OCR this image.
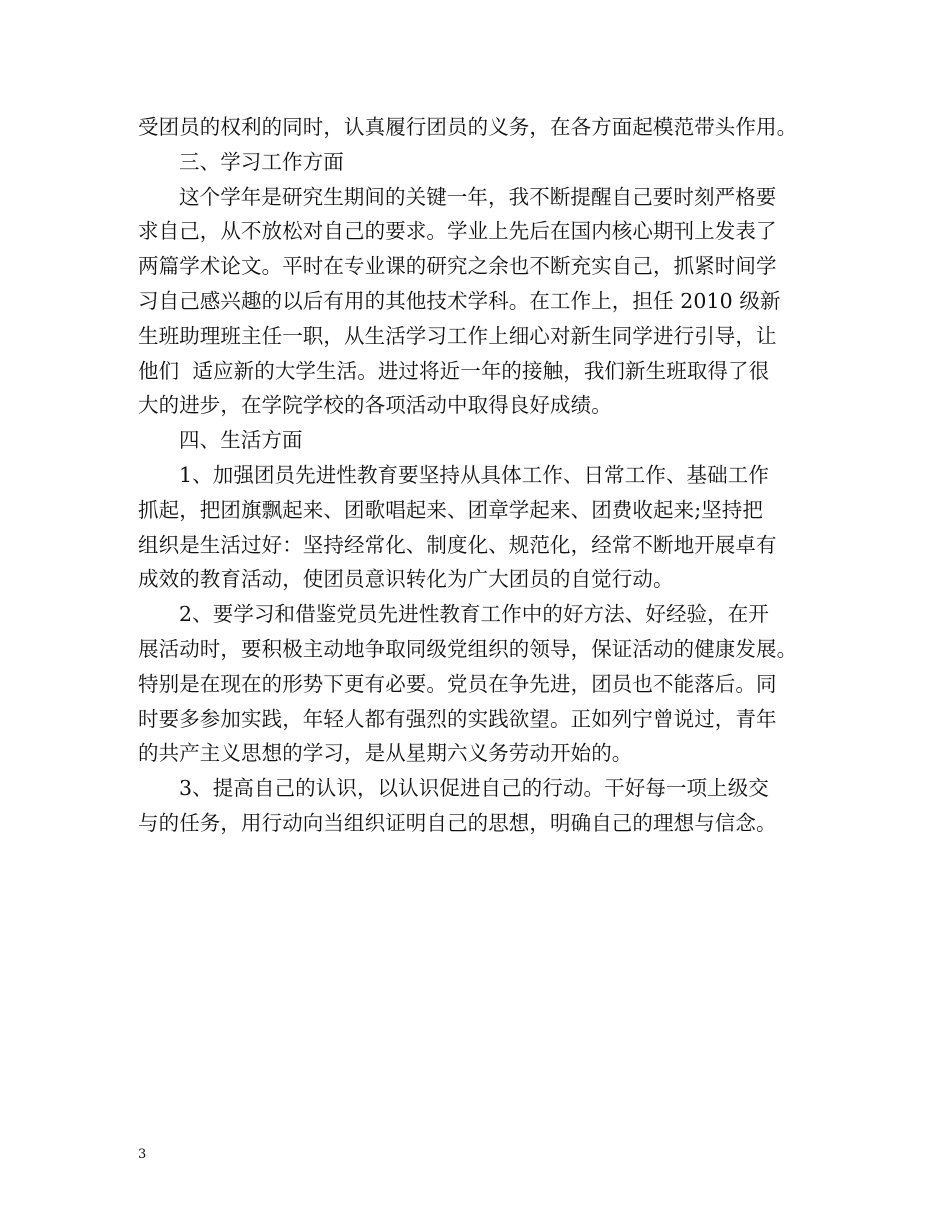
受团员的权利的同时，认真履行团员的义务，在各方面起模范带头作用。
三、学习工作方面
这个学年是研究生期间的关键一年，我不断提醒自己要时刻严格要
求自己，从不放松对自己的要求。学业上先后在国内核心期刊上发表了
两篇学术论文。平时在专业课的研究之余也不断充实自己，抓紧时间学
习自己感兴趣的以后有用的其他技术学科。在工作上，担任 2010 级新
生班助理班主任一职，从生活学习工作上细心对新生同学进行引导，让
他们  适应新的大学生活。进过将近一年的接触，我们新生班取得了很
大的进步，在学院学校的各项活动中取得良好成绩。
四、生活方面
1、加强团员先进性教育要坚持从具体工作、日常工作、基础工作
抓起，把团旗飘起来、团歌唱起来、团章学起来、团费收起来;坚持把
组织是生活过好：坚持经常化、制度化、规范化，经常不断地开展卓有
成效的教育活动，使团员意识转化为广大团员的自觉行动。
2、要学习和借鉴党员先进性教育工作中的好方法、好经验，在开
展活动时，要积极主动地争取同级党组织的领导，保证活动的健康发展。
特别是在现在的形势下更有必要。党员在争先进，团员也不能落后。同
时要多参加实践，年轻人都有强烈的实践欲望。正如列宁曾说过，青年
的共产主义思想的学习，是从星期六义务劳动开始的。
3、提高自己的认识，以认识促进自己的行动。干好每一项上级交
与的任务，用行动向当组织证明自己的思想，明确自己的理想与信念。
3
